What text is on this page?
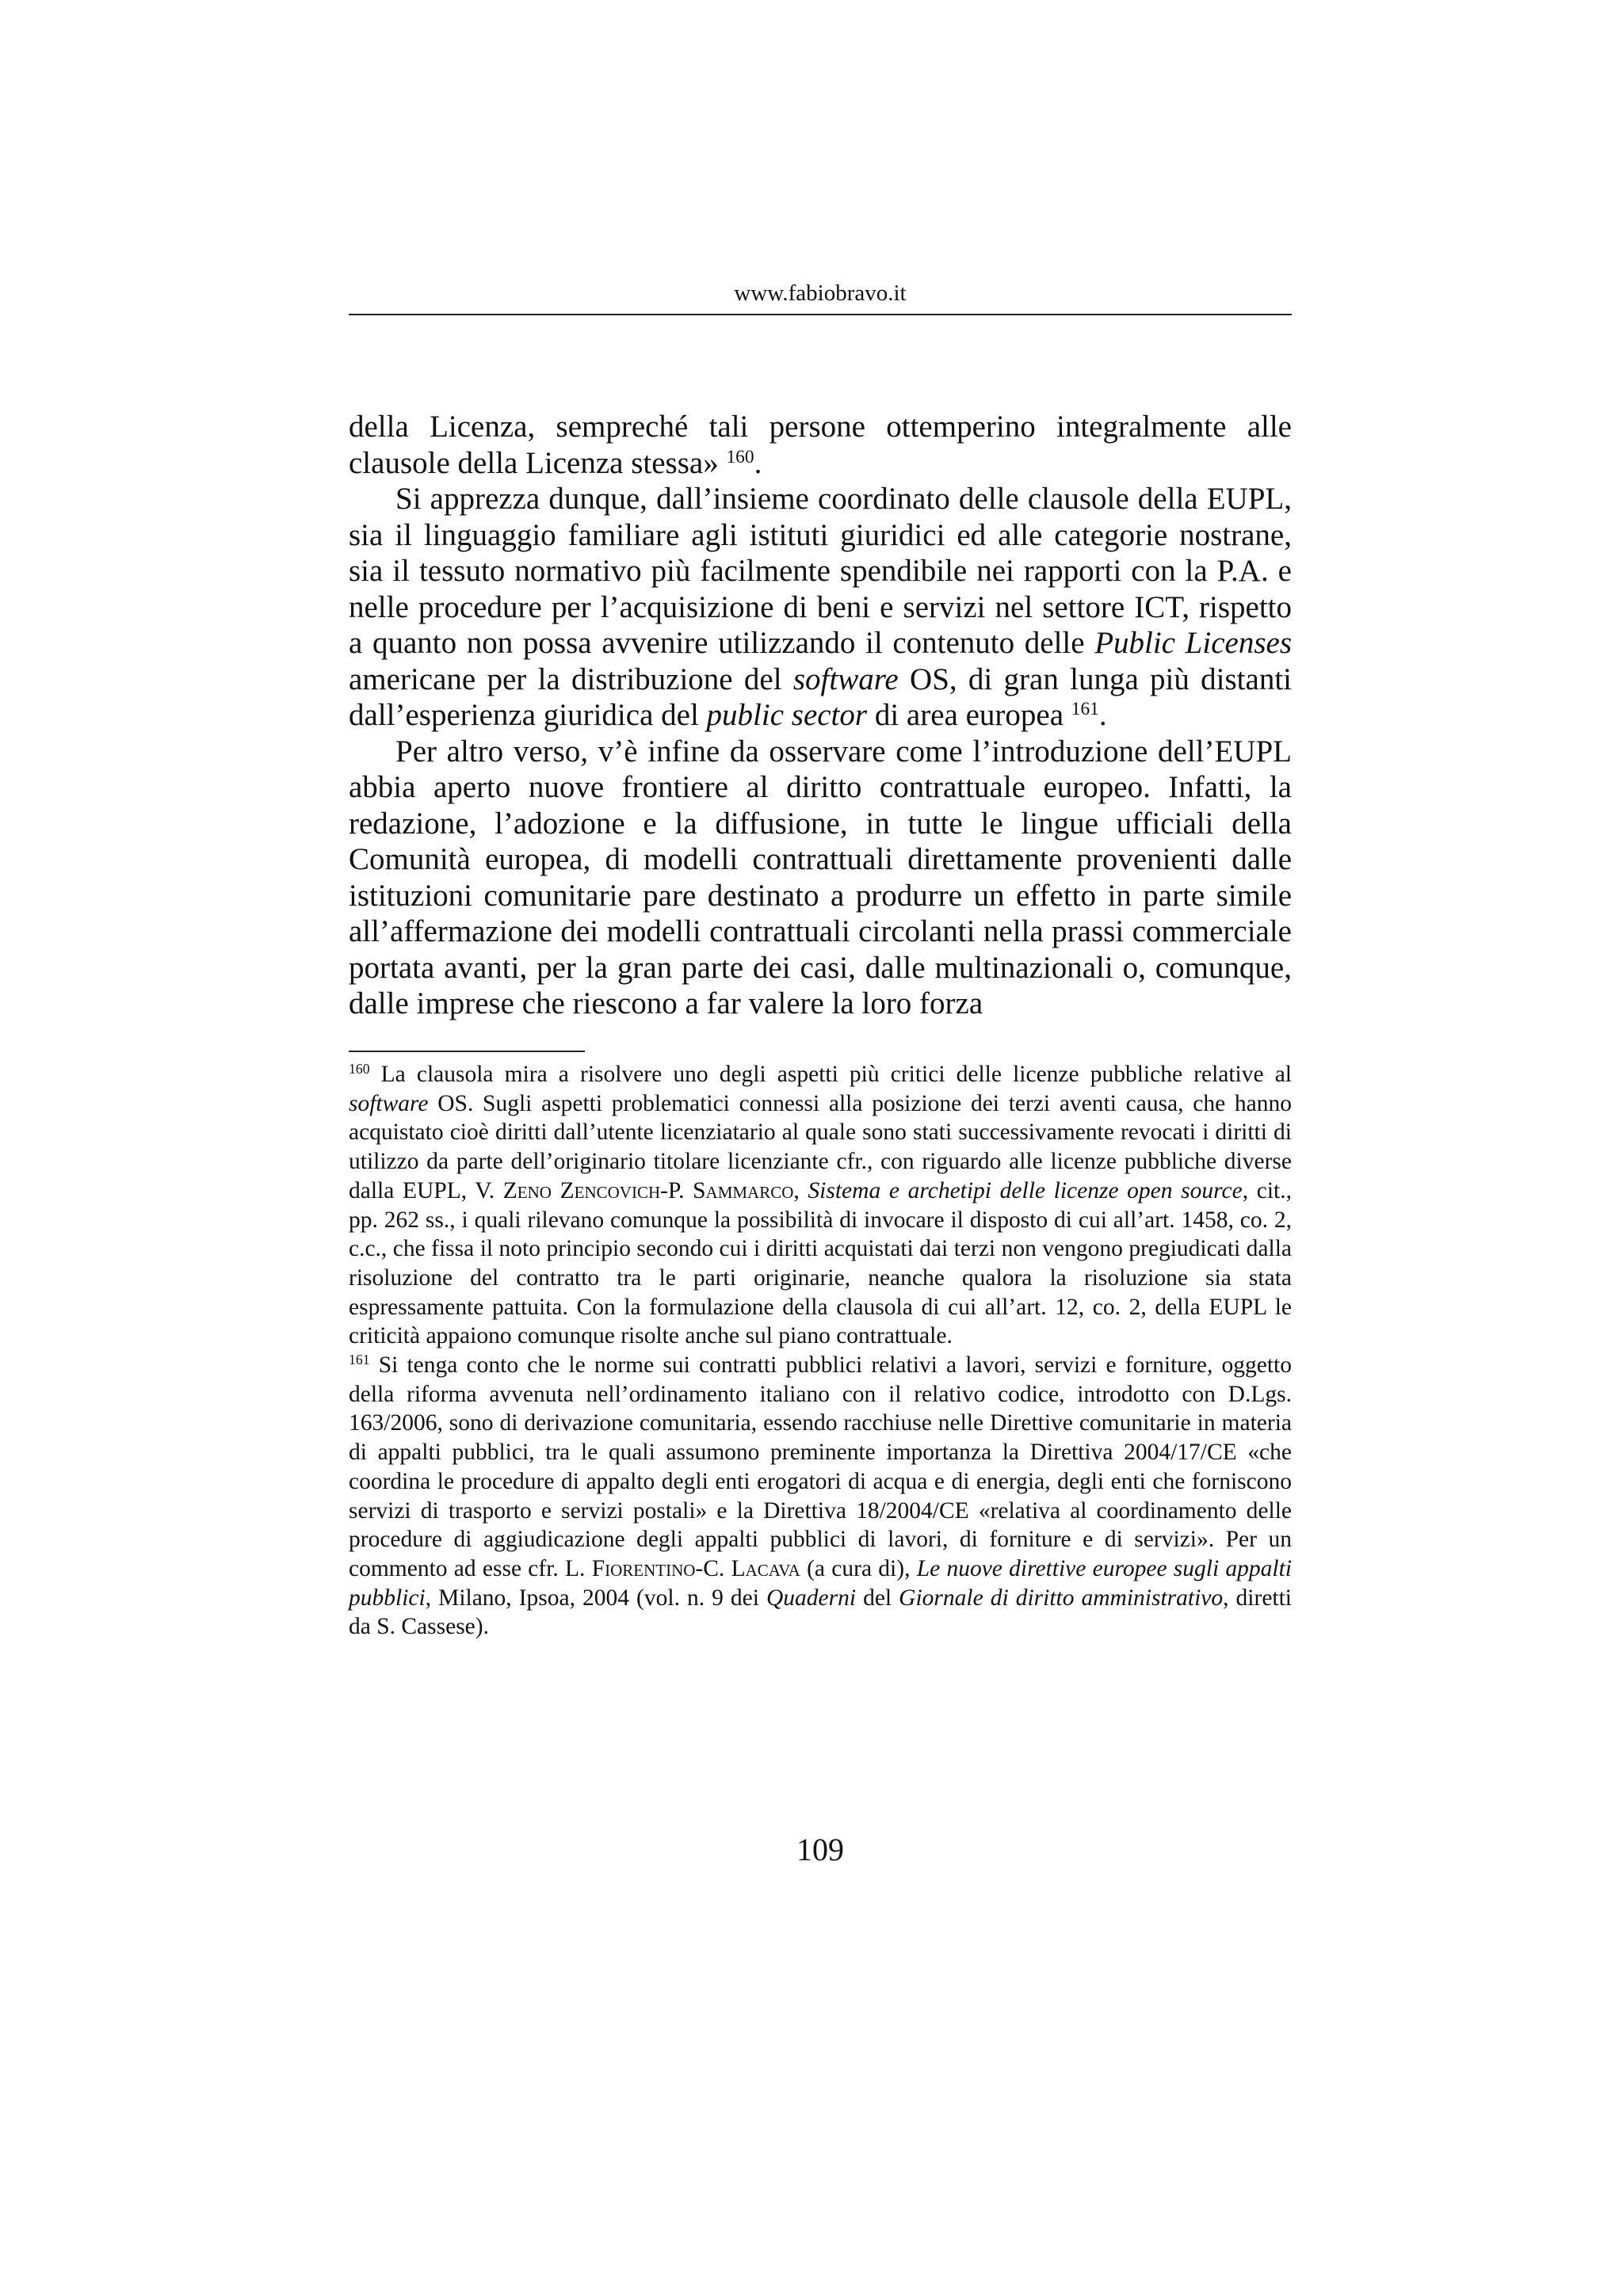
www.fabiobravo.it

della Licenza, sempreché tali persone ottemperino integralmente alle clausole della Licenza stessa» $^{160}$.

Si apprezza dunque, dall’insieme coordinato delle clausole della EUPL, sia il linguaggio familiare agli istituti giuridici ed alle categorie nostrane, sia il tessuto normativo più facilmente spendibile nei rapporti con la P.A. e nelle procedure per l’acquisizione di beni e servizi nel settore ICT, rispetto a quanto non possa avvenire utilizzando il contenuto delle Public Licenses americane per la distribuzione del software OS, di gran lunga più distanti dall’esperienza giuridica del public sector di area europea $^{161}$.

Per altro verso, v’è infine da osservare come l’introduzione dell’EUPL abbia aperto nuove frontiere al diritto contrattuale europeo. Infatti, la redazione, l’adozione e la diffusione, in tutte le lingue ufficiali della Comunità europea, di modelli contrattuali direttamente provenienti dalle istituzioni comunitarie pare destinato a produrre un effetto in parte simile all’affermazione dei modelli contrattuali circolanti nella prassi commerciale portata avanti, per la gran parte dei casi, dalle multinazionali o, comunque, dalle imprese che riescono a far valere la loro forza

$^{160}$ La clausola mira a risolvere uno degli aspetti più critici delle licenze pubbliche relative al software OS. Sugli aspetti problematici connessi alla posizione dei terzi aventi causa, che hanno acquistato cioè diritti dall’utente licenziatario al quale sono stati successivamente revocati i diritti di utilizzo da parte dell’originario titolare licenziante cfr., con riguardo alle licenze pubbliche diverse dalla EUPL, V. Zeno Zencovich-P. Sammarco, Sistema e archetipi delle licenze open source, cit., pp. 262 ss., i quali rilevano comunque la possibilità di invocare il disposto di cui all’art. 1458, co. 2, c.c., che fissa il noto principio secondo cui i diritti acquistati dai terzi non vengono pregiudicati dalla risoluzione del contratto tra le parti originarie, neanche qualora la risoluzione sia stata espressamente pattuita. Con la formulazione della clausola di cui all’art. 12, co. 2, della EUPL le criticità appaiono comunque risolte anche sul piano contrattuale.

$^{161}$ Si tenga conto che le norme sui contratti pubblici relativi a lavori, servizi e forniture, oggetto della riforma avvenuta nell’ordinamento italiano con il relativo codice, introdotto con D.Lgs. 163/2006, sono di derivazione comunitaria, essendo racchiuse nelle Direttive comunitarie in materia di appalti pubblici, tra le quali assumono preminente importanza la Direttiva 2004/17/CE «che coordina le procedure di appalto degli enti erogatori di acqua e di energia, degli enti che forniscono servizi di trasporto e servizi postali» e la Direttiva 18/2004/CE «relativa al coordinamento delle procedure di aggiudicazione degli appalti pubblici di lavori, di forniture e di servizi». Per un commento ad esse cfr. L. Fiorentino-C. Lacava (a cura di), Le nuove direttive europee sugli appalti pubblici, Milano, Ipsoa, 2004 (vol. n. 9 dei Quaderni del Giornale di diritto amministrativo, diretti da S. Cassese).

109
